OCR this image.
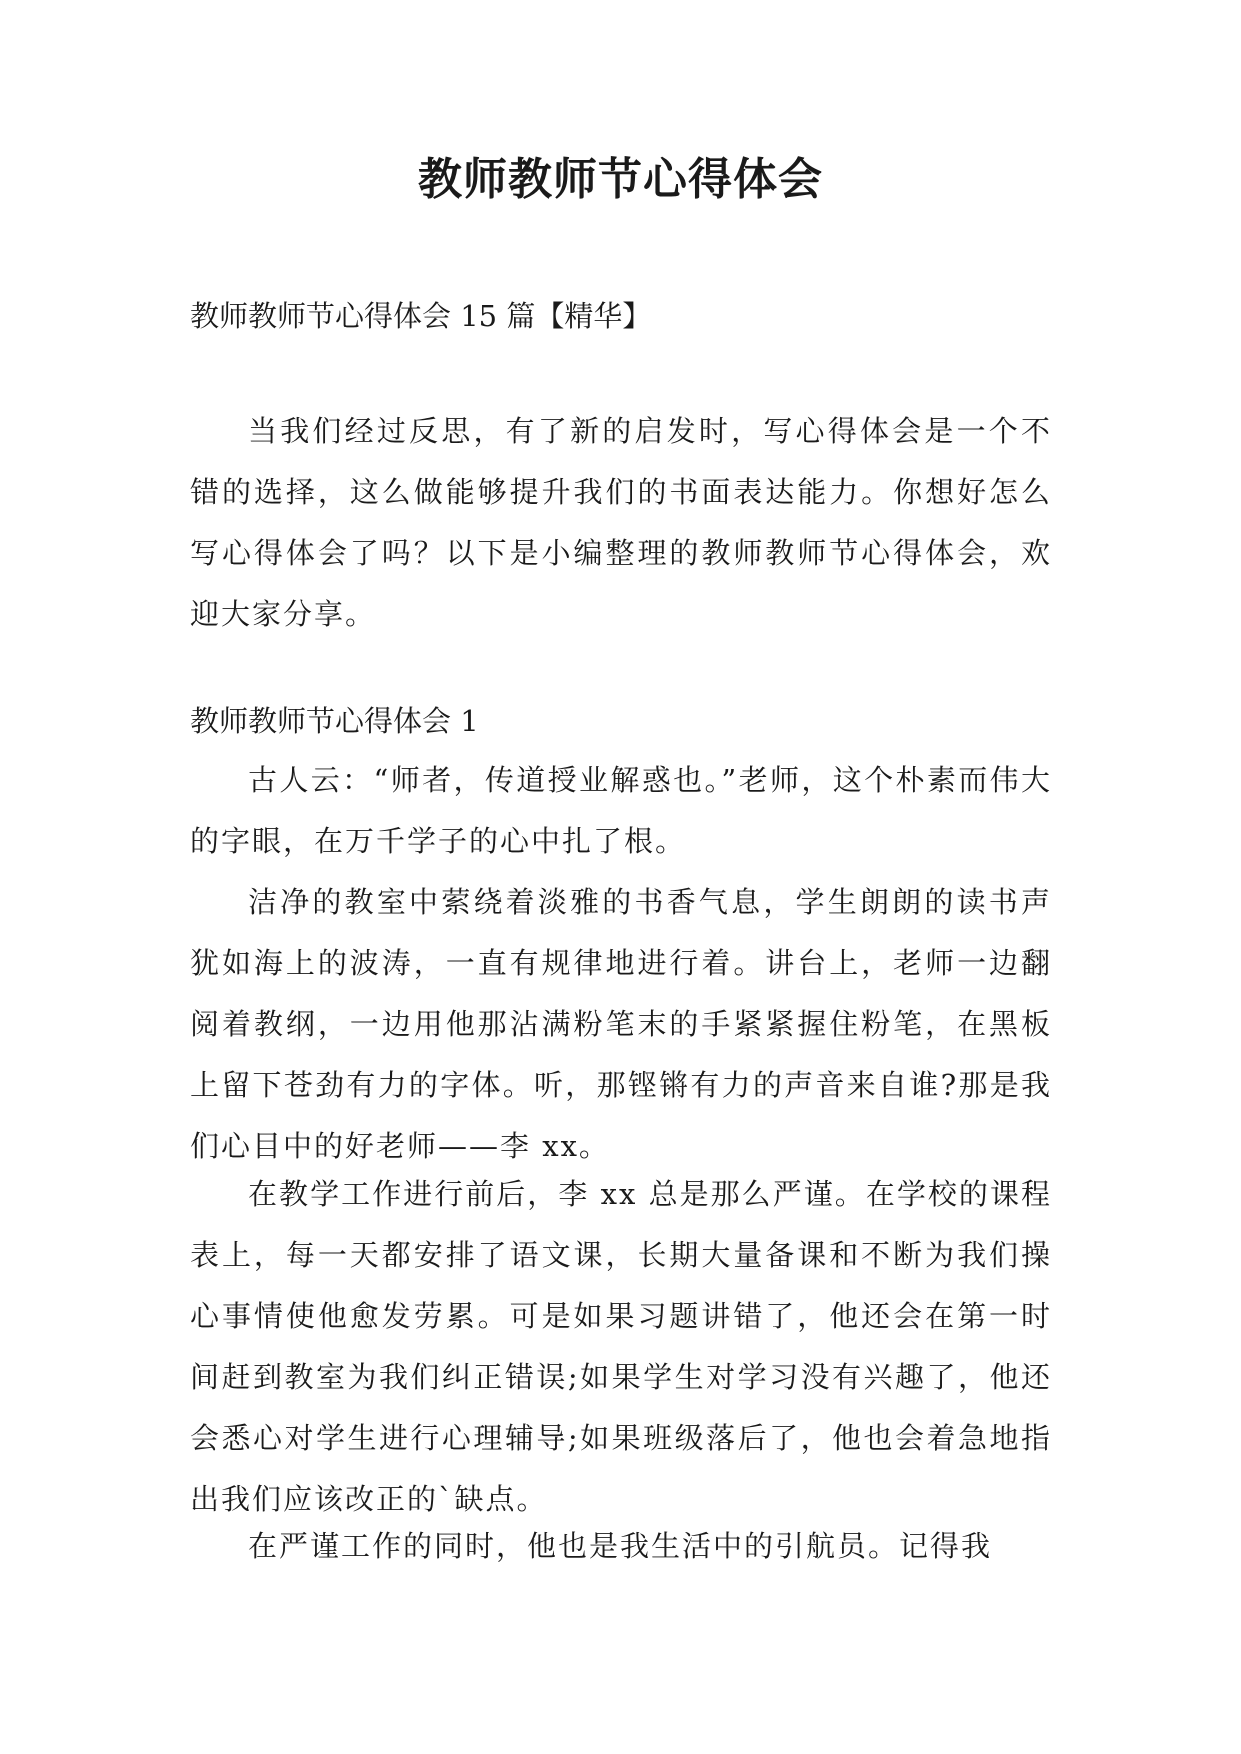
教师教师节心得体会

教师教师节心得体会 15 篇【精华】

当我们经过反思，有了新的启发时，写心得体会是一个不错的选择，这么做能够提升我们的书面表达能力。你想好怎么写心得体会了吗？以下是小编整理的教师教师节心得体会，欢迎大家分享。

教师教师节心得体会 1

古人云：“师者，传道授业解惑也。”老师，这个朴素而伟大的字眼，在万千学子的心中扎了根。

洁净的教室中萦绕着淡雅的书香气息，学生朗朗的读书声犹如海上的波涛，一直有规律地进行着。讲台上，老师一边翻阅着教纲，一边用他那沾满粉笔末的手紧紧握住粉笔，在黑板上留下苍劲有力的字体。听，那铿锵有力的声音来自谁?那是我们心目中的好老师——李 xx。

在教学工作进行前后，李 xx 总是那么严谨。在学校的课程表上，每一天都安排了语文课，长期大量备课和不断为我们操心事情使他愈发劳累。可是如果习题讲错了，他还会在第一时间赶到教室为我们纠正错误;如果学生对学习没有兴趣了，他还会悉心对学生进行心理辅导;如果班级落后了，他也会着急地指出我们应该改正的`缺点。

在严谨工作的同时，他也是我生活中的引航员。记得我
